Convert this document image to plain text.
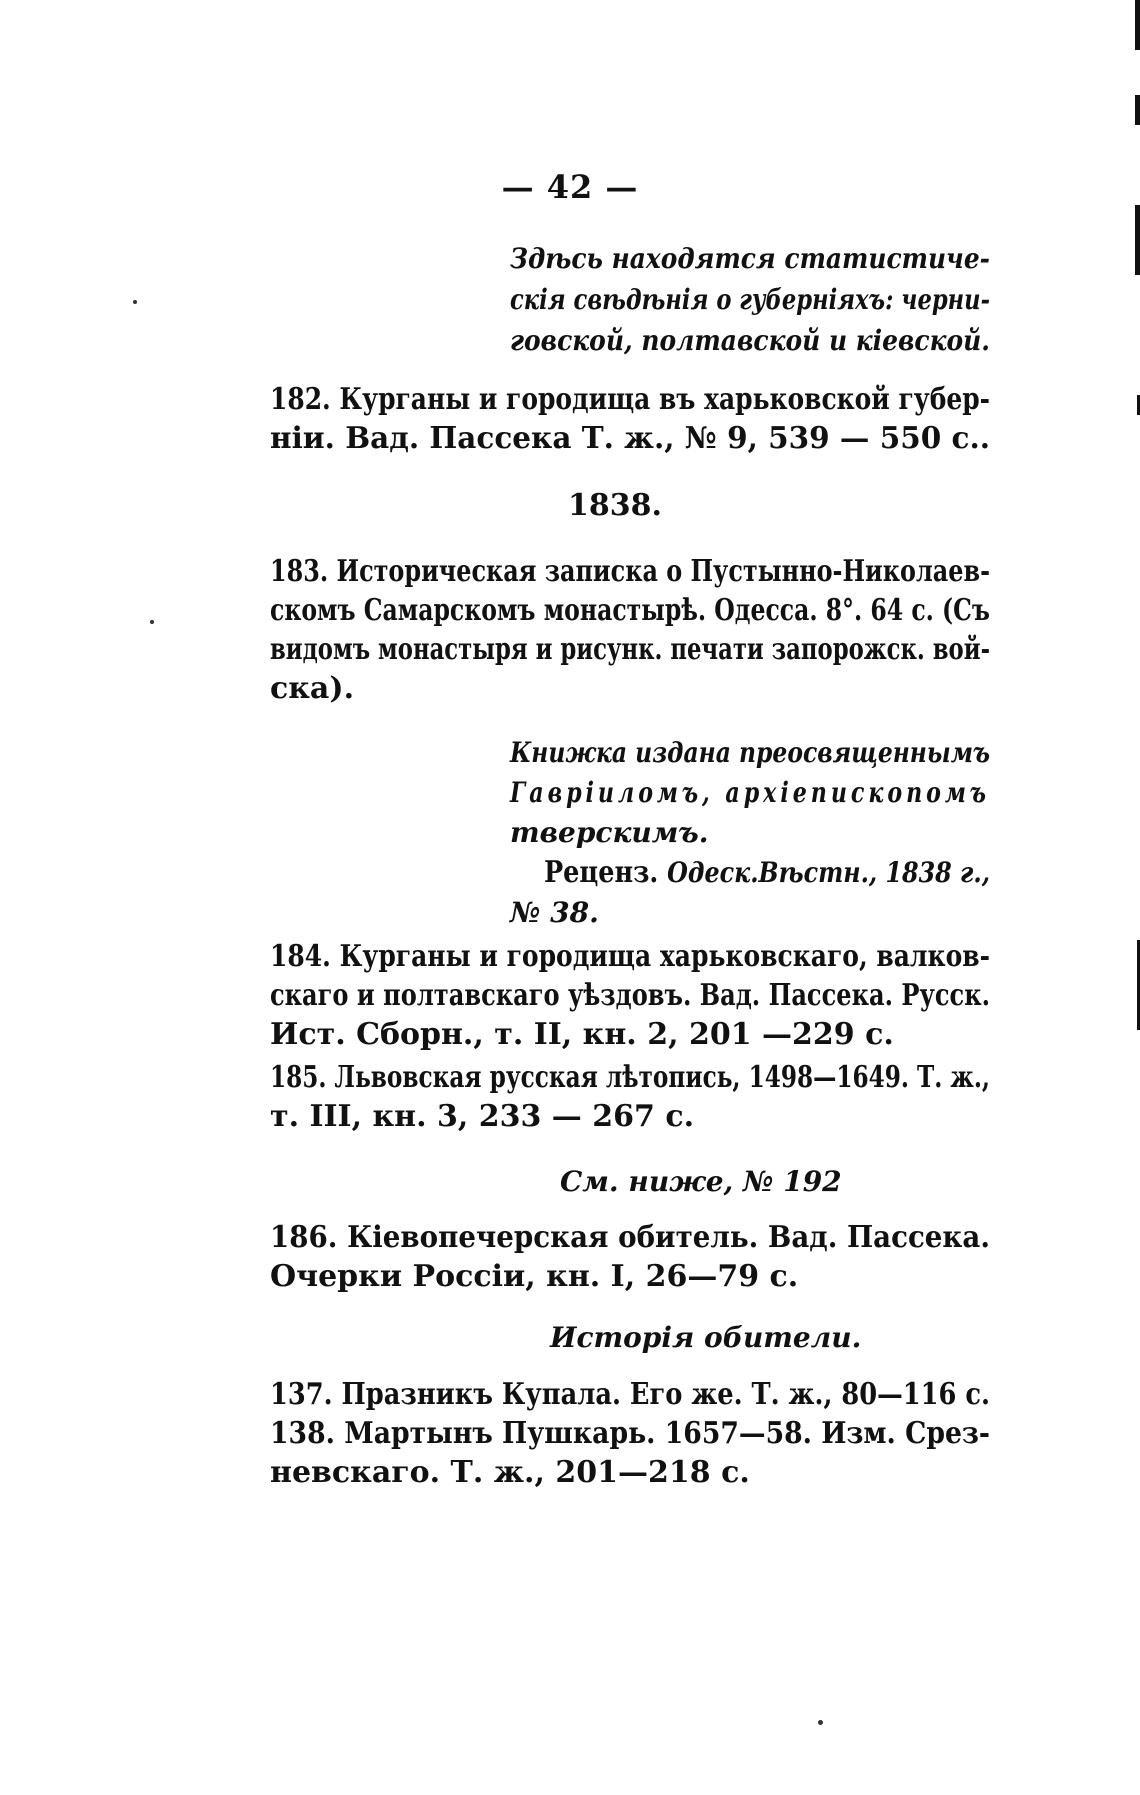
— 42 —
Здѣсь находятся статистиче-
скія свѣдѣнія о губерніяхъ: черни-
говской, полтавской и кіевской.
182. Курганы и городища въ харьковской губер-
ніи. Вад. Пассека Т. ж., № 9, 539 — 550 с..
1838.
183. Историческая записка о Пустынно-Николаев-
скомъ Самарскомъ монастырѣ. Одесса. 8°. 64 с. (Съ
видомъ монастыря и рисунк. печати запорожск. вой-
ска).
Книжка издана преосвященнымъ
Гавріиломъ, архіепископомъ
тверскимъ.
Реценз. Одеск.Вѣстн., 1838 г.,
№ 38.
184. Курганы и городища харьковскаго, валков-
скаго и полтавскаго уѣздовъ. Вад. Пассека. Русск.
Ист. Сборн., т. II, кн. 2, 201 —229 с.
185. Львовская русская лѣтопись, 1498—1649. Т. ж.,
т. III, кн. 3, 233 — 267 с.
См. ниже, № 192
186. Кіевопечерская обитель. Вад. Пассека.
Очерки Россіи, кн. I, 26—79 с.
Исторія обители.
137. Празникъ Купала. Его же. Т. ж., 80—116 с.
138. Мартынъ Пушкарь. 1657—58. Изм. Срез-
невскаго. Т. ж., 201—218 с.
